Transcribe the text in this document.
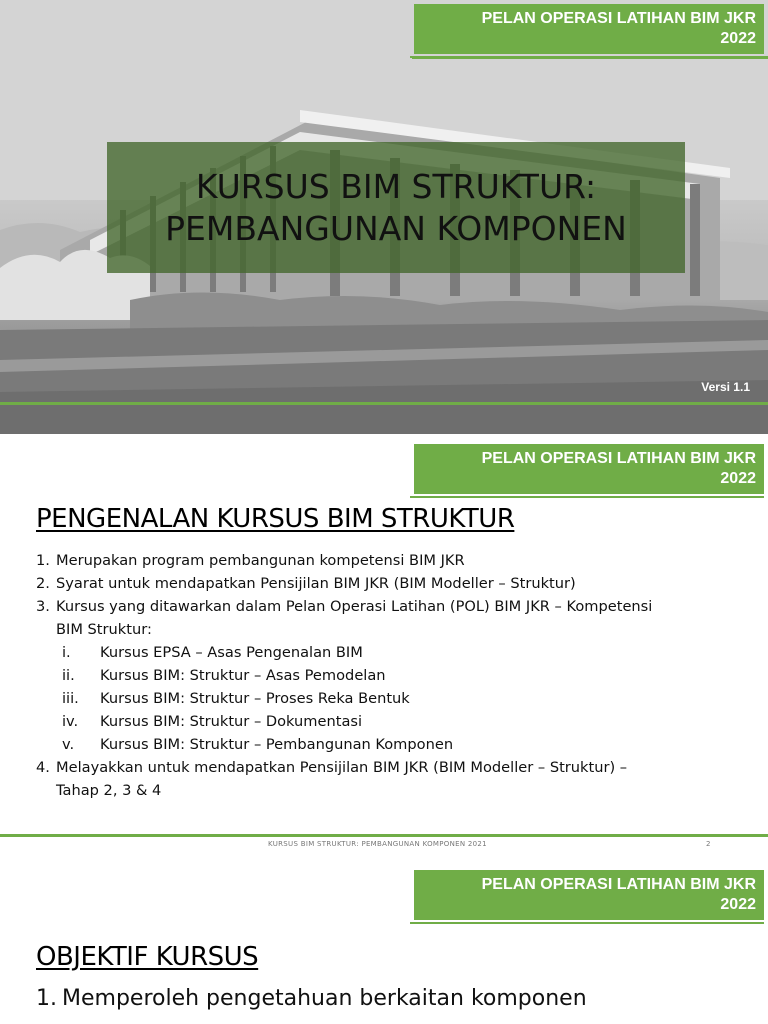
PELAN OPERASI LATIHAN BIM JKR
2022
KURSUS BIM STRUKTUR:
PEMBANGUNAN KOMPONEN
Versi 1.1
PELAN OPERASI LATIHAN BIM JKR
2022
PENGENALAN KURSUS BIM STRUKTUR
1. Merupakan program pembangunan kompetensi BIM JKR
2. Syarat untuk mendapatkan Pensijilan BIM JKR (BIM Modeller – Struktur)
3. Kursus yang ditawarkan dalam Pelan Operasi Latihan (POL) BIM JKR – Kompetensi
BIM Struktur:
i.	Kursus EPSA – Asas Pengenalan BIM
ii.	Kursus BIM: Struktur – Asas Pemodelan
iii.	Kursus BIM: Struktur – Proses Reka Bentuk
iv.	Kursus BIM: Struktur – Dokumentasi
v.	Kursus BIM: Struktur – Pembangunan Komponen
4. Melayakkan untuk mendapatkan Pensijilan BIM JKR (BIM Modeller – Struktur) –
Tahap 2, 3 & 4
KURSUS BIM STRUKTUR: PEMBANGUNAN KOMPONEN 2021	2
PELAN OPERASI LATIHAN BIM JKR
2022
OBJEKTIF KURSUS
1. Memperoleh pengetahuan berkaitan komponen
